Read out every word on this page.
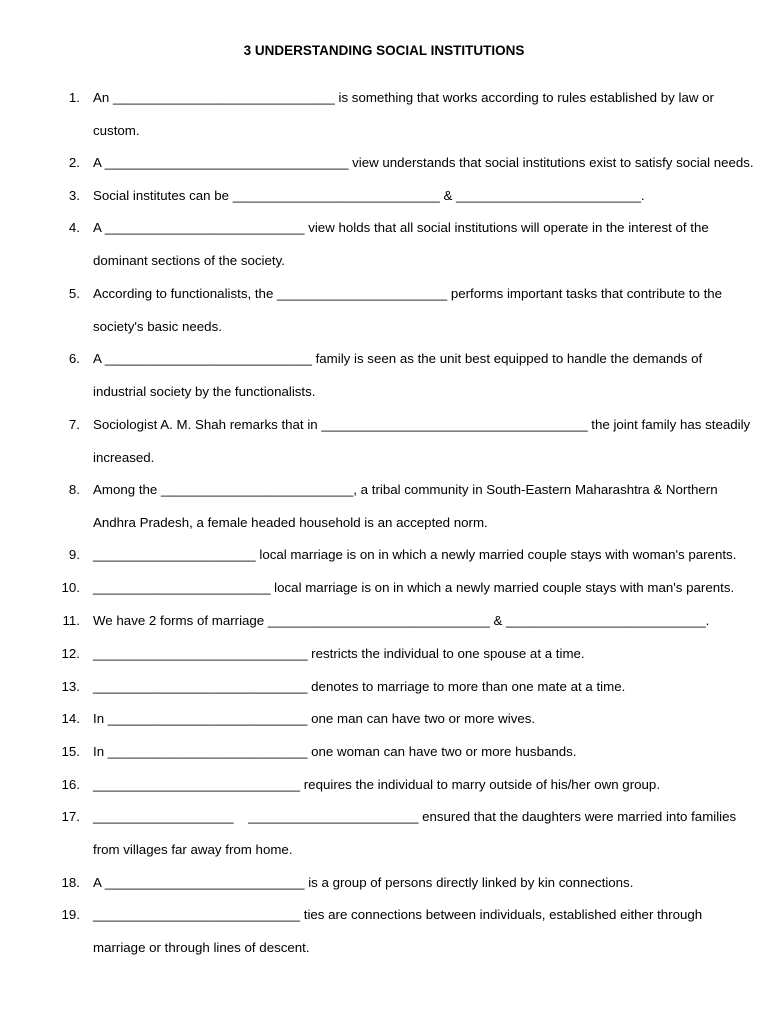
3 UNDERSTANDING SOCIAL INSTITUTIONS
1. An ______________________________ is something that works according to rules established by law or
custom.
2. A _________________________________ view understands that social institutions exist to satisfy social needs.
3. Social institutes can be ____________________________ & _________________________.
4. A ___________________________ view holds that all social institutions will operate in the interest of the
dominant sections of the society.
5. According to functionalists, the _______________________ performs important tasks that contribute to the
society's basic needs.
6. A ____________________________ family is seen as the unit best equipped to handle the demands of
industrial society by the functionalists.
7. Sociologist A. M. Shah remarks that in ____________________________________ the joint family has steadily
increased.
8. Among the __________________________, a tribal community in South-Eastern Maharashtra & Northern
Andhra Pradesh, a female headed household is an accepted norm.
9. ______________________ local marriage is on in which a newly married couple stays with woman's parents.
10. ________________________ local marriage is on in which a newly married couple stays with man's parents.
11. We have 2 forms of marriage ______________________________ & ___________________________.
12. _____________________________ restricts the individual to one spouse at a time.
13. _____________________________ denotes to marriage to more than one mate at a time.
14. In ___________________________ one man can have two or more wives.
15. In ___________________________ one woman can have two or more husbands.
16. ____________________________ requires the individual to marry outside of his/her own group.
17. ___________________    _______________________ ensured that the daughters were married into families
from villages far away from home.
18. A ___________________________ is a group of persons directly linked by kin connections.
19. ____________________________ ties are connections between individuals, established either through
marriage or through lines of descent.
